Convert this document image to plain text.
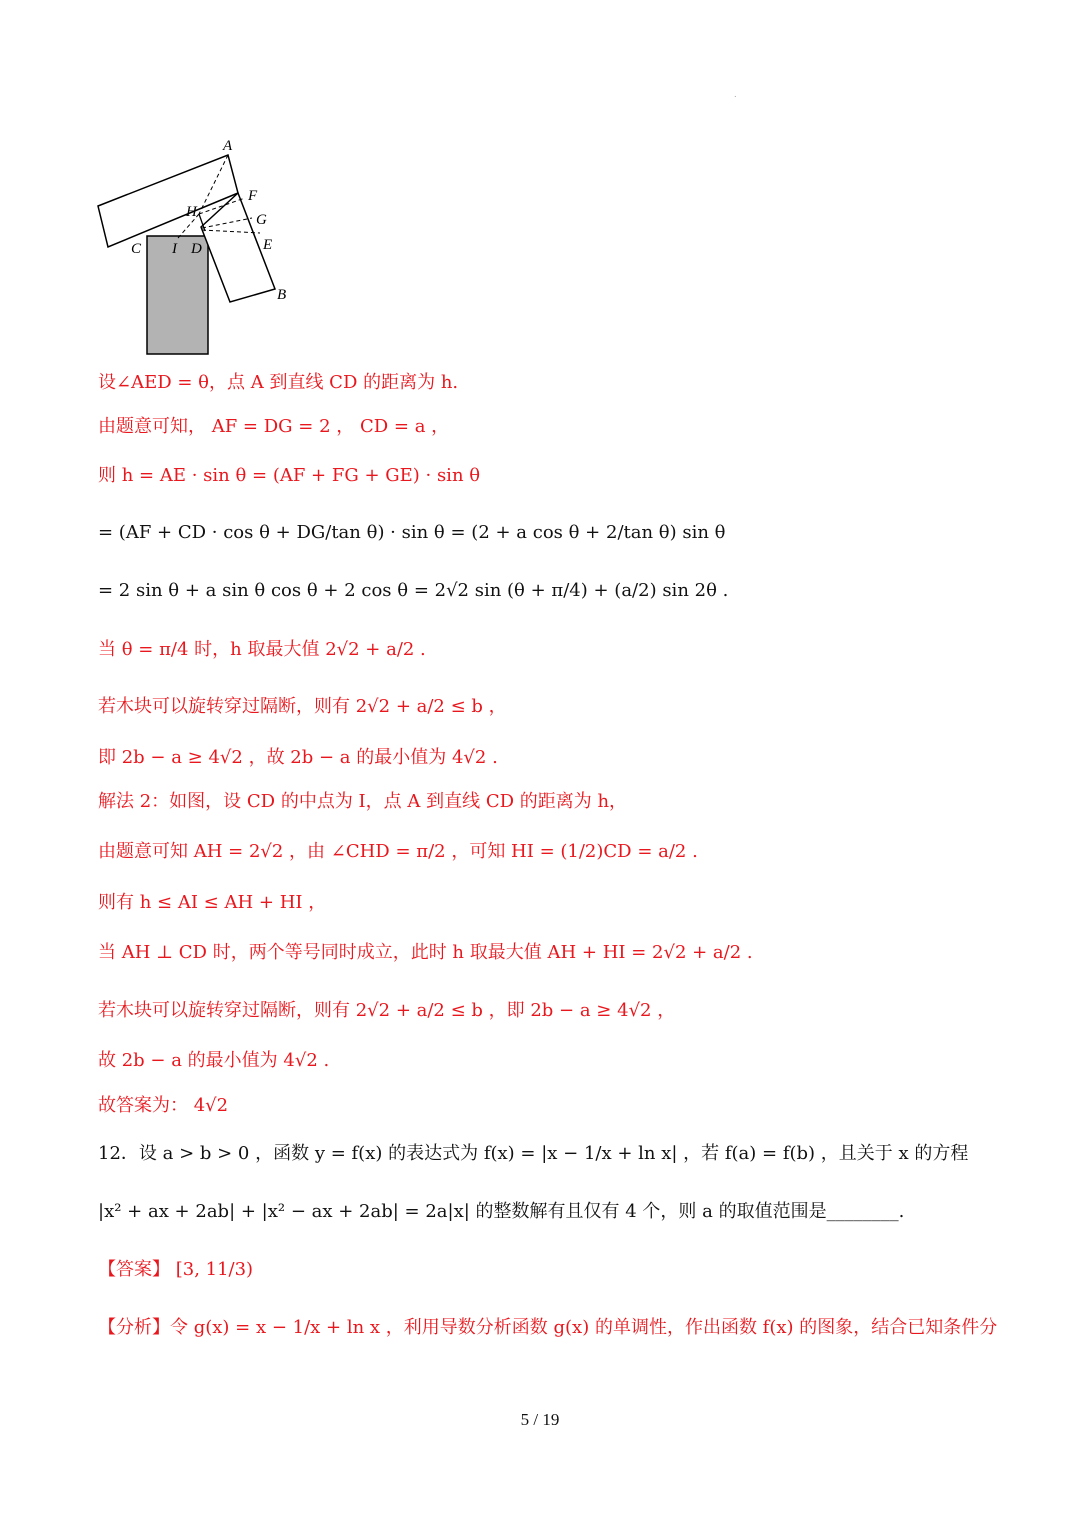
.
A
F
H	G
C I D	E
B
设∠AED = θ，点 A 到直线 CD 的距离为 h.
由题意可知， AF = DG = 2 ， CD = a ，
则 h = AE · sin θ = (AF + FG + GE) · sin θ
= (AF + CD · cos θ + DG/tan θ) · sin θ = (2 + a cos θ + 2/tan θ) sin θ
= 2 sin θ + a sin θ cos θ + 2 cos θ = 2√2 sin (θ + π/4) + (a/2) sin 2θ .
当 θ = π/4 时，h 取最大值 2√2 + a/2 .
若木块可以旋转穿过隔断，则有 2√2 + a/2 ≤ b ，
即 2b − a ≥ 4√2 ，故 2b − a 的最小值为 4√2 .
解法 2：如图，设 CD 的中点为 I，点 A 到直线 CD 的距离为 h，
由题意可知 AH = 2√2 ，由 ∠CHD = π/2 ，可知 HI = (1/2)CD = a/2 .
则有 h ≤ AI ≤ AH + HI ，
当 AH ⊥ CD 时，两个等号同时成立，此时 h 取最大值 AH + HI = 2√2 + a/2 .
若木块可以旋转穿过隔断，则有 2√2 + a/2 ≤ b ，即 2b − a ≥ 4√2 ，
故 2b − a 的最小值为 4√2 .
故答案为： 4√2
12．设 a > b > 0 ，函数 y = f(x) 的表达式为 f(x) = |x − 1/x + ln x| ，若 f(a) = f(b) ，且关于 x 的方程
|x² + ax + 2ab| + |x² − ax + 2ab| = 2a|x| 的整数解有且仅有 4 个，则 a 的取值范围是________.
【答案】 [3, 11/3)
【分析】令 g(x) = x − 1/x + ln x ，利用导数分析函数 g(x) 的单调性，作出函数 f(x) 的图象，结合已知条件分
5 / 19
